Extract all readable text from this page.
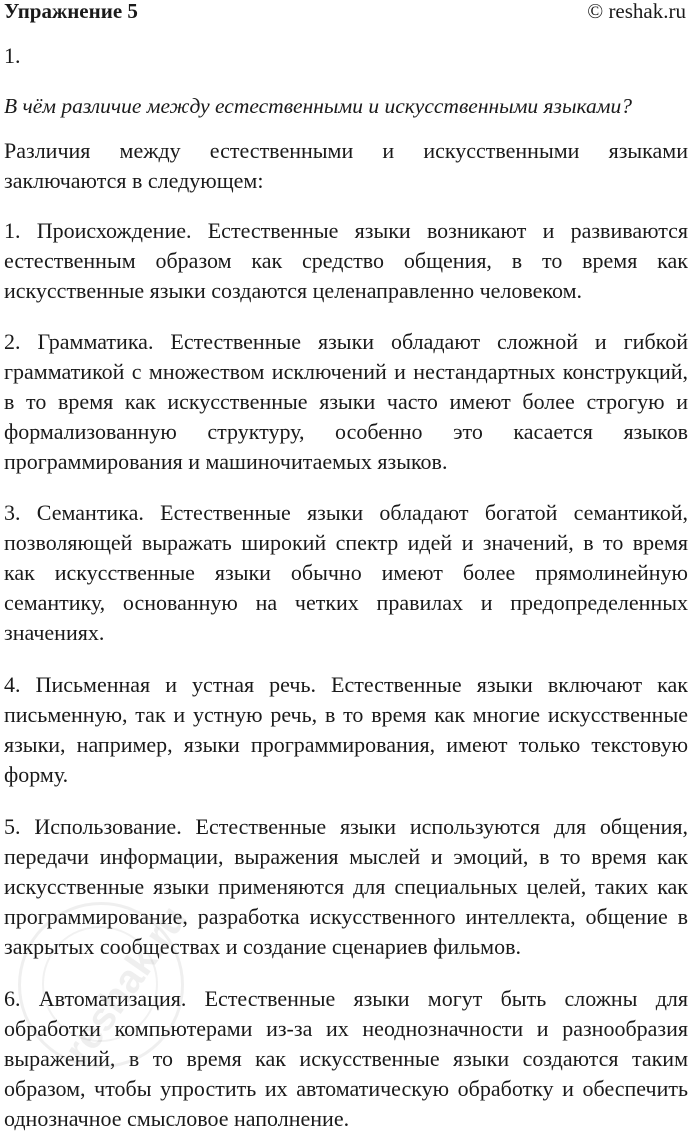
Упражнение 5	© reshak.ru
1.
В чём различие между естественными и искусственными языками?

Различия между естественными и искусственными языками заключаются в следующем:

1. Происхождение. Естественные языки возникают и развиваются естественным образом как средство общения, в то время как искусственные языки создаются целенаправленно человеком.

2. Грамматика. Естественные языки обладают сложной и гибкой грамматикой с множеством исключений и нестандартных конструкций, в то время как искусственные языки часто имеют более строгую и формализованную структуру, особенно это касается языков программирования и машиночитаемых языков.

3. Семантика. Естественные языки обладают богатой семантикой, позволяющей выражать широкий спектр идей и значений, в то время как искусственные языки обычно имеют более прямолинейную семантику, основанную на четких правилах и предопределенных значениях.

4. Письменная и устная речь. Естественные языки включают как письменную, так и устную речь, в то время как многие искусственные языки, например, языки программирования, имеют только текстовую форму.

5. Использование. Естественные языки используются для общения, передачи информации, выражения мыслей и эмоций, в то время как искусственные языки применяются для специальных целей, таких как программирование, разработка искусственного интеллекта, общение в закрытых сообществах и создание сценариев фильмов.

6. Автоматизация. Естественные языки могут быть сложны для обработки компьютерами из-за их неоднозначности и разнообразия выражений, в то время как искусственные языки создаются таким образом, чтобы упростить их автоматическую обработку и обеспечить однозначное смысловое наполнение.

reshak.ru
